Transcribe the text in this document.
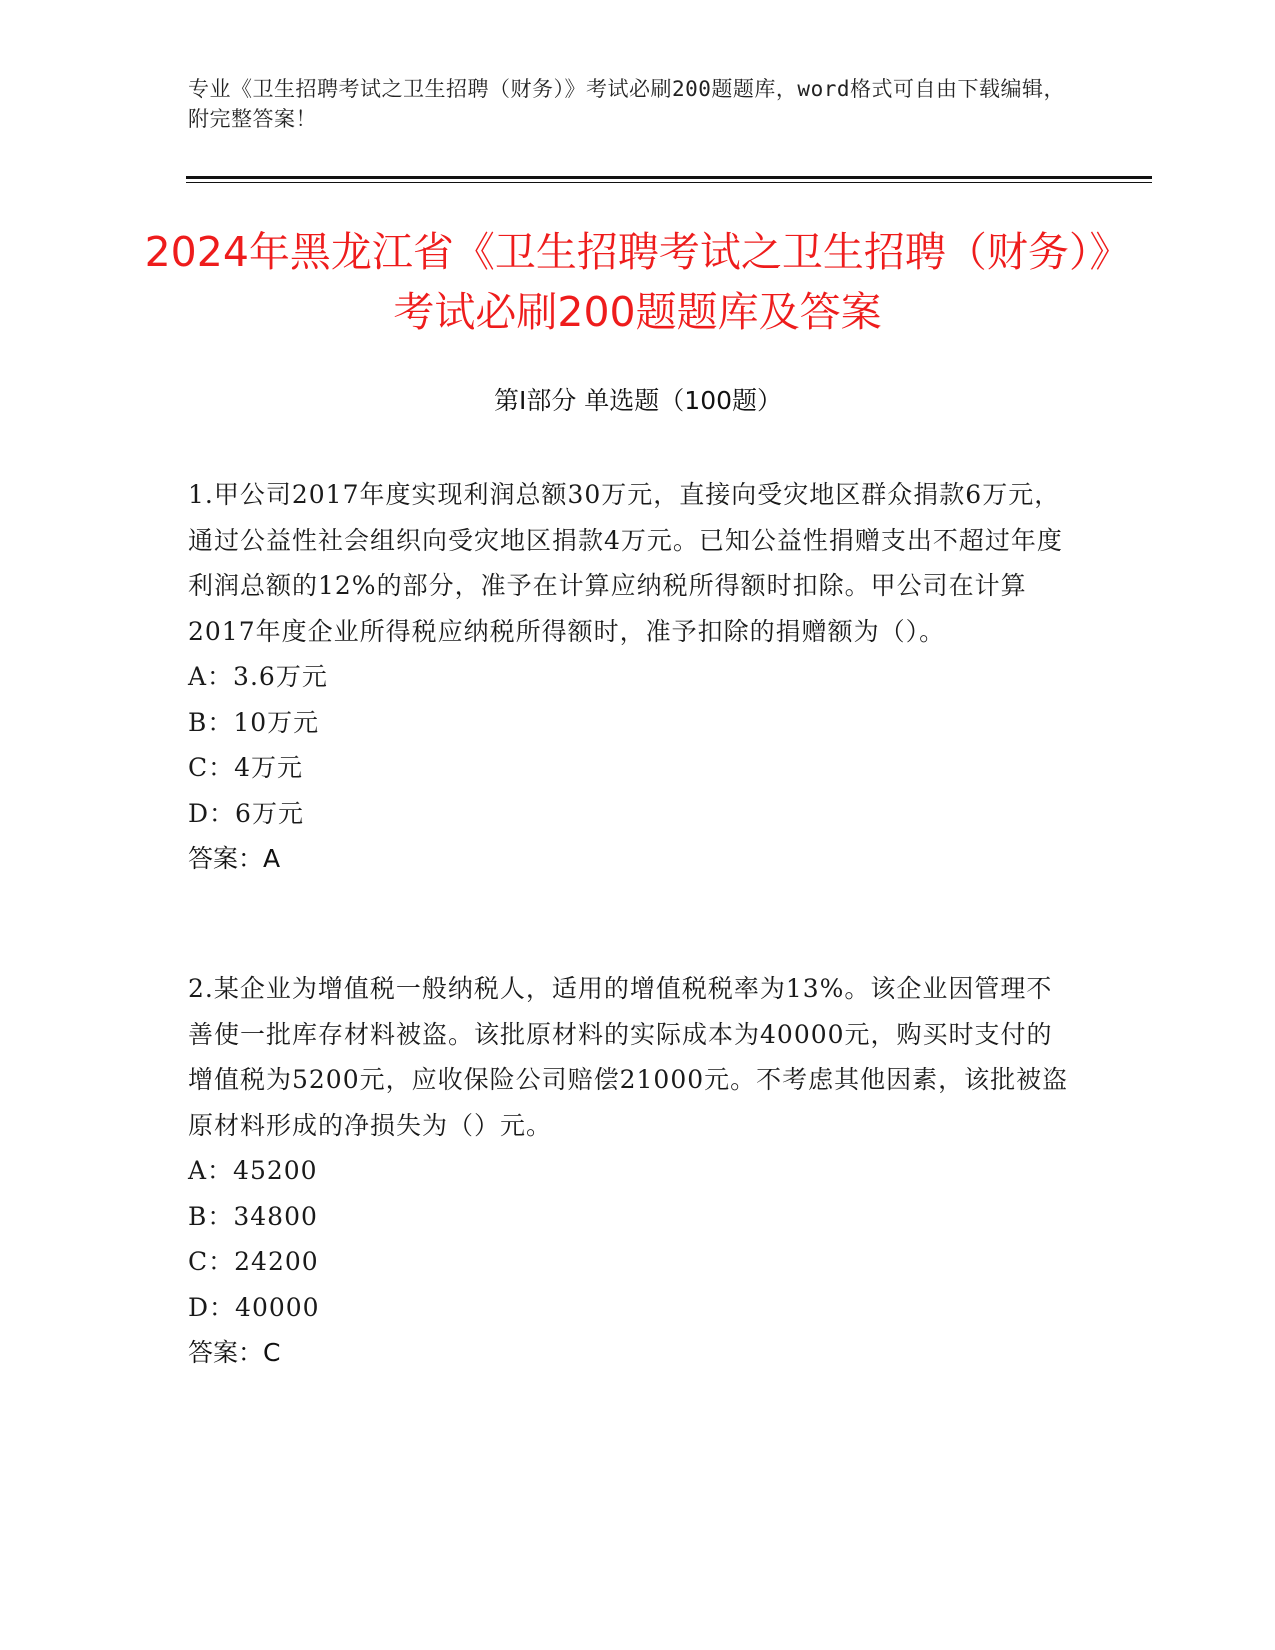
专业《卫生招聘考试之卫生招聘（财务）》考试必刷200题题库，word格式可自由下载编辑，附完整答案！
2024年黑龙江省《卫生招聘考试之卫生招聘（财务）》考试必刷200题题库及答案
第Ⅰ部分 单选题（100题）

1.甲公司2017年度实现利润总额30万元，直接向受灾地区群众捐款6万元，通过公益性社会组织向受灾地区捐款4万元。已知公益性捐赠支出不超过年度利润总额的12%的部分，准予在计算应纳税所得额时扣除。甲公司在计算2017年度企业所得税应纳税所得额时，准予扣除的捐赠额为（）。

A：3.6万元
B：10万元
C：4万元
D：6万元
答案：A

2.某企业为增值税一般纳税人，适用的增值税税率为13%。该企业因管理不善使一批库存材料被盗。该批原材料的实际成本为40000元，购买时支付的增值税为5200元，应收保险公司赔偿21000元。不考虑其他因素，该批被盗原材料形成的净损失为（）元。

A：45200
B：34800
C：24200
D：40000
答案：C
